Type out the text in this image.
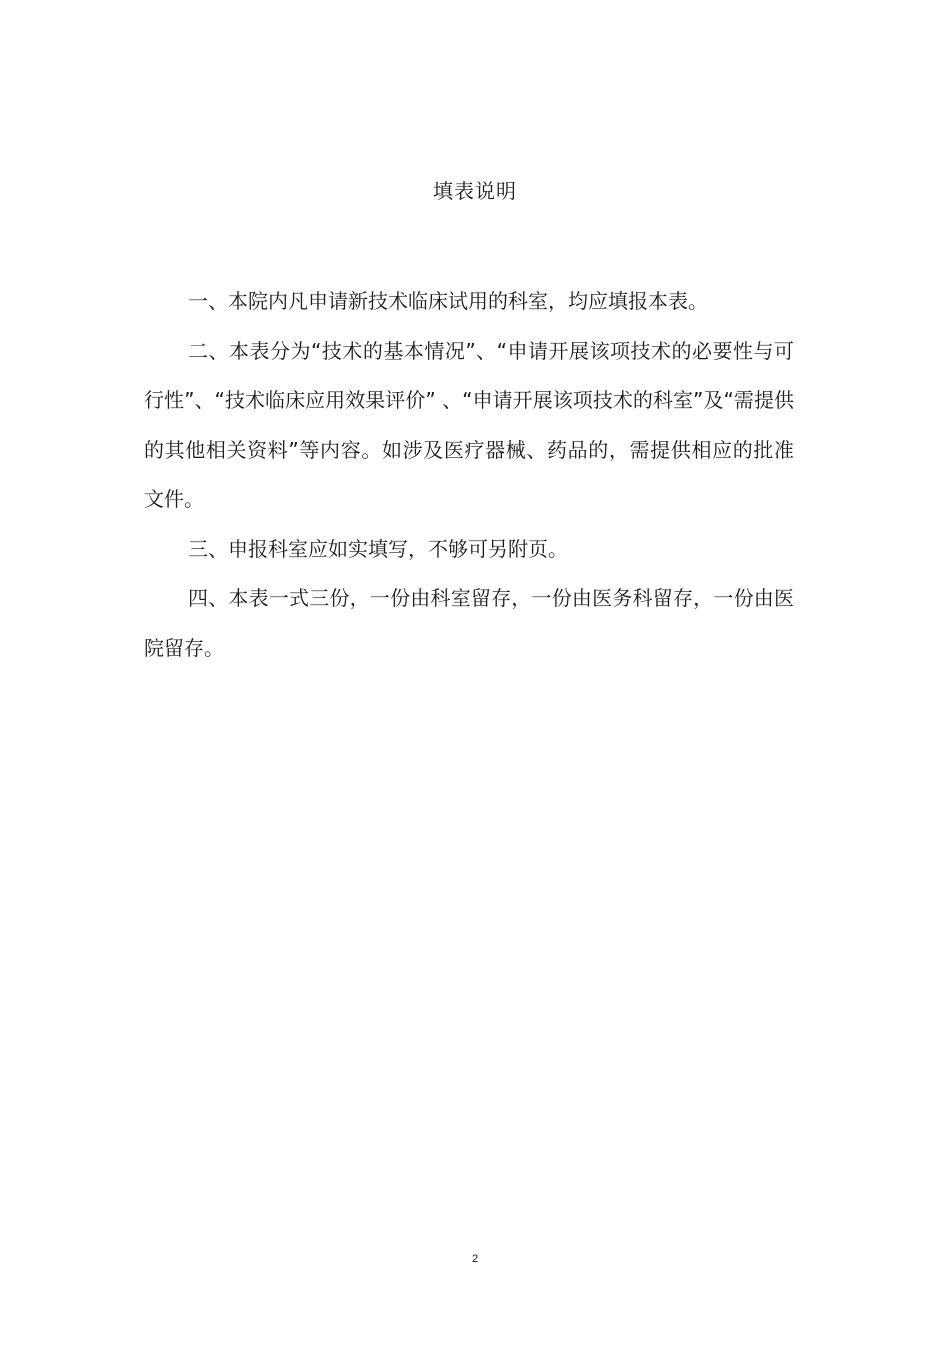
填表说明

一、本院内凡申请新技术临床试用的科室，均应填报本表。

二、本表分为“技术的基本情况”、“申请开展该项技术的必要性与可行性”、“技术临床应用效果评价” 、“申请开展该项技术的科室”及“需提供的其他相关资料”等内容。如涉及医疗器械、药品的，需提供相应的批准文件。

三、申报科室应如实填写，不够可另附页。

四、本表一式三份，一份由科室留存，一份由医务科留存，一份由医院留存。

2
